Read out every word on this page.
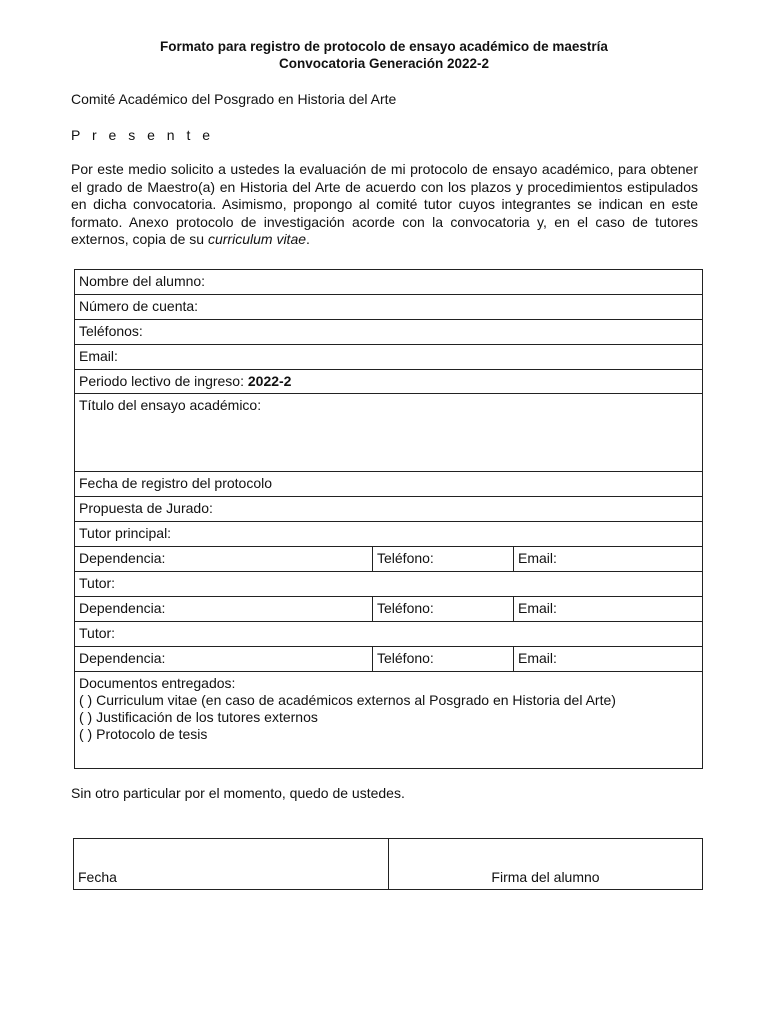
Formato para registro de protocolo de ensayo académico de maestría
Convocatoria Generación 2022-2
Comité Académico del Posgrado en Historia del Arte
P r e s e n t e
Por este medio solicito a ustedes la evaluación de mi protocolo de ensayo académico, para obtener el grado de Maestro(a) en Historia del Arte de acuerdo con los plazos y procedimientos estipulados en dicha convocatoria. Asimismo, propongo al comité tutor cuyos integrantes se indican en este formato. Anexo protocolo de investigación acorde con la convocatoria y, en el caso de tutores externos, copia de su curriculum vitae.
Nombre del alumno:		
Número de cuenta:		
Teléfonos:		
Email:		
Periodo lectivo de ingreso: 2022-2		
Título del ensayo académico:		
Fecha de registro del protocolo		
Propuesta de Jurado:		
Tutor principal:		
Dependencia:	Teléfono:	Email:
Tutor:		
Dependencia:	Teléfono:	Email:
Tutor:		
Dependencia:	Teléfono:	Email:

Documentos entregados:
( ) Curriculum vitae (en caso de académicos externos al Posgrado en Historia del Arte)
( ) Justificación de los tutores externos
( ) Protocolo de tesis		
Sin otro particular por el momento, quedo de ustedes.
Fecha	Firma del alumno
